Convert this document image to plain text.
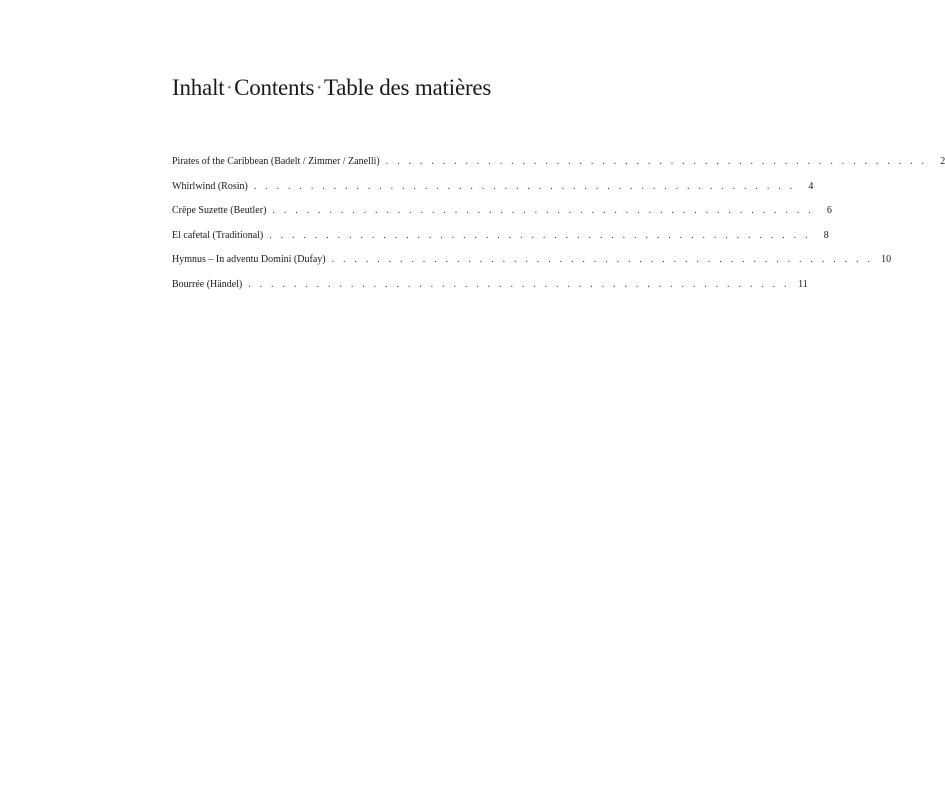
Inhalt • Contents • Table des matières
Pirates of the Caribbean (Badelt / Zimmer / Zanelli) . . . . . . . . . . . . . . . . . . . . . . . . . . . . . . . . . . . . . . . . . . . . . . . .	2
Whirlwind (Rosin) . . . . . . . . . . . . . . . . . . . . . . . . . . . . . . . . . . . . . . . . . . . . . . . .	4
Crêpe Suzette (Beutler) . . . . . . . . . . . . . . . . . . . . . . . . . . . . . . . . . . . . . . . . . . . . . . . .	6
El cafetal (Traditional) . . . . . . . . . . . . . . . . . . . . . . . . . . . . . . . . . . . . . . . . . . . . . . . .	8
Hymnus – In adventu Domini (Dufay) . . . . . . . . . . . . . . . . . . . . . . . . . . . . . . . . . . . . . . . . . . . . . . . . 10
Bourrée (Händel) . . . . . . . . . . . . . . . . . . . . . . . . . . . . . . . . . . . . . . . . . . . . . . . . 11
